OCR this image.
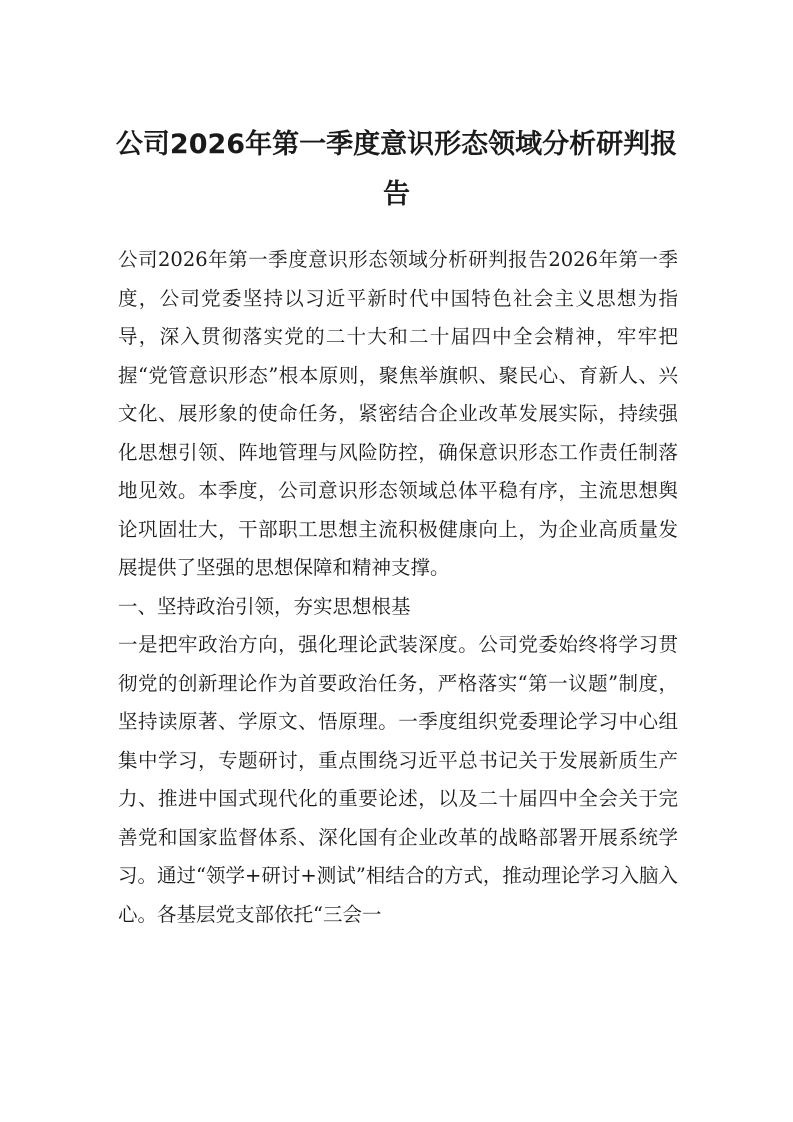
公司2026年第一季度意识形态领域分析研判报告

公司2026年第一季度意识形态领域分析研判报告2026年第一季度，公司党委坚持以习近平新时代中国特色社会主义思想为指导，深入贯彻落实党的二十大和二十届四中全会精神，牢牢把握“党管意识形态”根本原则，聚焦举旗帜、聚民心、育新人、兴文化、展形象的使命任务，紧密结合企业改革发展实际，持续强化思想引领、阵地管理与风险防控，确保意识形态工作责任制落地见效。本季度，公司意识形态领域总体平稳有序，主流思想舆论巩固壮大，干部职工思想主流积极健康向上，为企业高质量发展提供了坚强的思想保障和精神支撑。

一、坚持政治引领，夯实思想根基

一是把牢政治方向，强化理论武装深度。公司党委始终将学习贯彻党的创新理论作为首要政治任务，严格落实“第一议题”制度，坚持读原著、学原文、悟原理。一季度组织党委理论学习中心组集中学习，专题研讨，重点围绕习近平总书记关于发展新质生产力、推进中国式现代化的重要论述，以及二十届四中全会关于完善党和国家监督体系、深化国有企业改革的战略部署开展系统学习。通过“领学+研讨+测试”相结合的方式，推动理论学习入脑入心。各基层党支部依托“三会一
